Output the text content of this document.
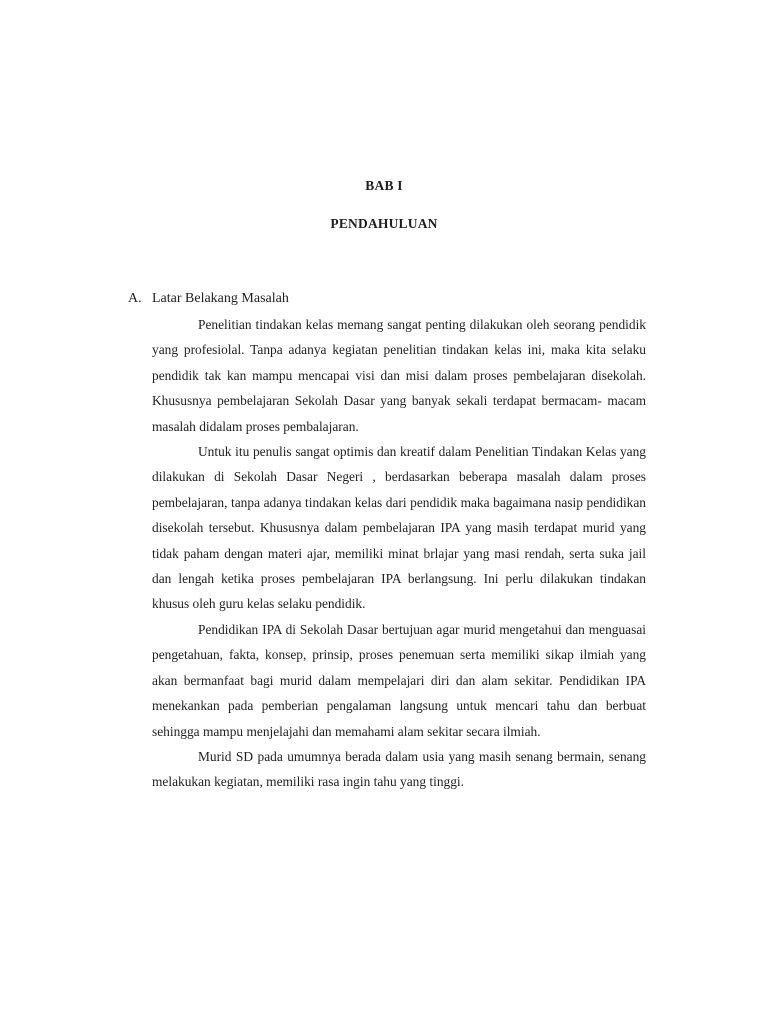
BAB I
PENDAHULUAN
A. Latar Belakang Masalah

Penelitian tindakan kelas memang sangat penting dilakukan oleh seorang pendidik yang profesiolal. Tanpa adanya kegiatan penelitian tindakan kelas ini, maka kita selaku pendidik tak kan mampu mencapai visi dan misi dalam proses pembelajaran disekolah. Khususnya pembelajaran Sekolah Dasar yang banyak sekali terdapat bermacam- macam masalah didalam proses pembalajaran.

Untuk itu penulis sangat optimis dan kreatif dalam Penelitian Tindakan Kelas yang dilakukan di Sekolah Dasar Negeri , berdasarkan beberapa masalah dalam proses pembelajaran, tanpa adanya tindakan kelas dari pendidik maka bagaimana nasip pendidikan disekolah tersebut. Khususnya dalam pembelajaran IPA yang masih terdapat murid yang tidak paham dengan materi ajar, memiliki minat brlajar yang masi rendah, serta suka jail dan lengah ketika proses pembelajaran IPA berlangsung. Ini perlu dilakukan tindakan khusus oleh guru kelas selaku pendidik.

Pendidikan IPA di Sekolah Dasar bertujuan agar murid mengetahui dan menguasai pengetahuan, fakta, konsep, prinsip, proses penemuan serta memiliki sikap ilmiah yang akan bermanfaat bagi murid dalam mempelajari diri dan alam sekitar. Pendidikan IPA menekankan pada pemberian pengalaman langsung untuk mencari tahu dan berbuat sehingga mampu menjelajahi dan memahami alam sekitar secara ilmiah.

Murid SD pada umumnya berada dalam usia yang masih senang bermain, senang melakukan kegiatan, memiliki rasa ingin tahu yang tinggi.
